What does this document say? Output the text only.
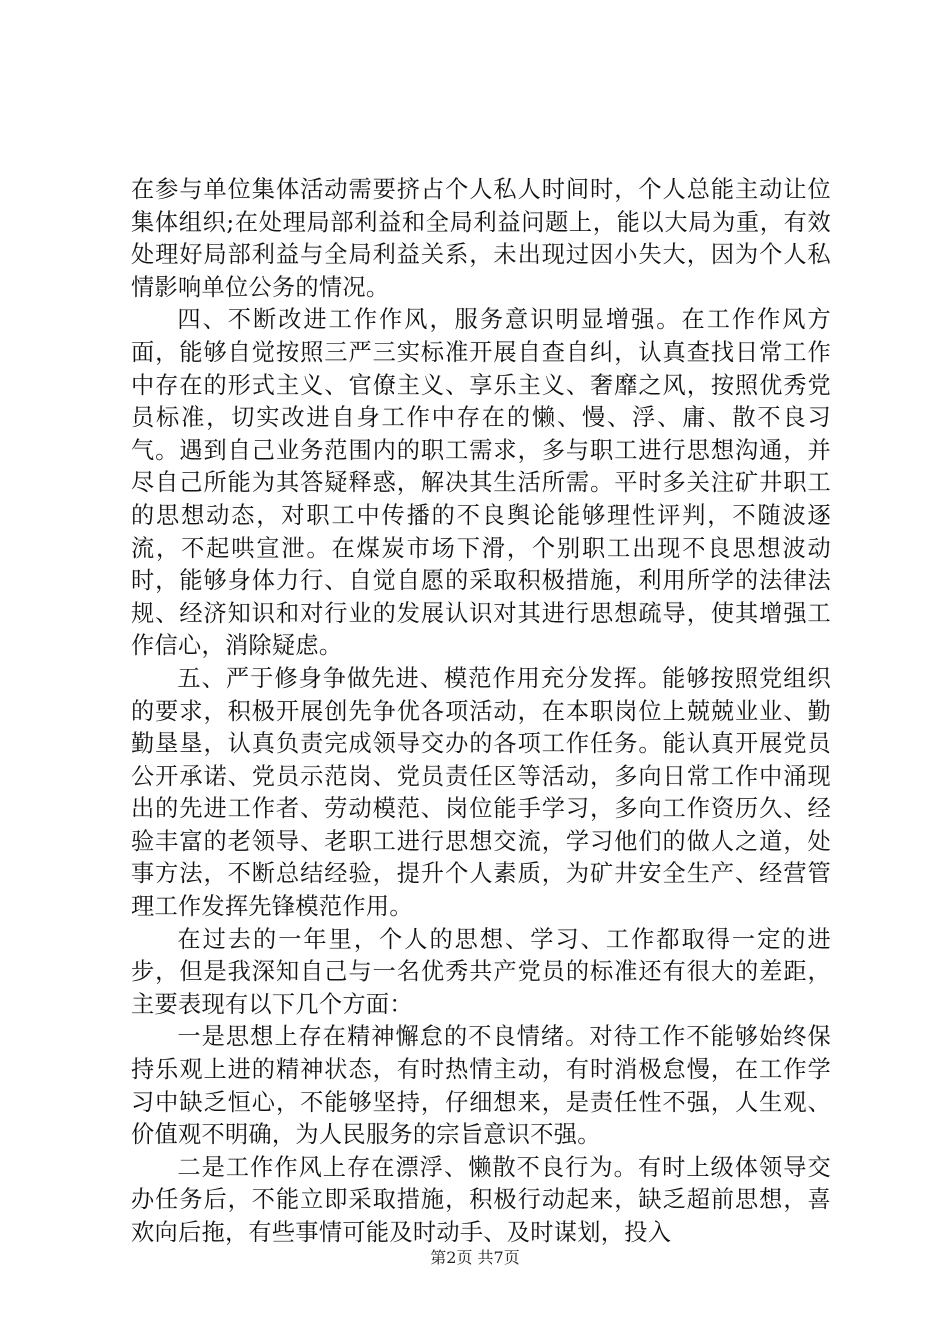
在参与单位集体活动需要挤占个人私人时间时，个人总能主动让位集体组织;在处理局部利益和全局利益问题上，能以大局为重，有效处理好局部利益与全局利益关系，未出现过因小失大，因为个人私情影响单位公务的情况。

四、不断改进工作作风，服务意识明显增强。在工作作风方面，能够自觉按照三严三实标准开展自查自纠，认真查找日常工作中存在的形式主义、官僚主义、享乐主义、奢靡之风，按照优秀党员标准，切实改进自身工作中存在的懒、慢、浮、庸、散不良习气。遇到自己业务范围内的职工需求，多与职工进行思想沟通，并尽自己所能为其答疑释惑，解决其生活所需。平时多关注矿井职工的思想动态，对职工中传播的不良舆论能够理性评判，不随波逐流，不起哄宣泄。在煤炭市场下滑，个别职工出现不良思想波动时，能够身体力行、自觉自愿的采取积极措施，利用所学的法律法规、经济知识和对行业的发展认识对其进行思想疏导，使其增强工作信心，消除疑虑。

五、严于修身争做先进、模范作用充分发挥。能够按照党组织的要求，积极开展创先争优各项活动，在本职岗位上兢兢业业、勤勤垦垦，认真负责完成领导交办的各项工作任务。能认真开展党员公开承诺、党员示范岗、党员责任区等活动，多向日常工作中涌现出的先进工作者、劳动模范、岗位能手学习，多向工作资历久、经验丰富的老领导、老职工进行思想交流，学习他们的做人之道，处事方法，不断总结经验，提升个人素质，为矿井安全生产、经营管理工作发挥先锋模范作用。

在过去的一年里，个人的思想、学习、工作都取得一定的进步，但是我深知自己与一名优秀共产党员的标准还有很大的差距，主要表现有以下几个方面：

一是思想上存在精神懈怠的不良情绪。对待工作不能够始终保持乐观上进的精神状态，有时热情主动，有时消极怠慢，在工作学习中缺乏恒心，不能够坚持，仔细想来，是责任性不强，人生观、价值观不明确，为人民服务的宗旨意识不强。

二是工作作风上存在漂浮、懒散不良行为。有时上级体领导交办任务后，不能立即采取措施，积极行动起来，缺乏超前思想，喜欢向后拖，有些事情可能及时动手、及时谋划，投入

第2页 共7页
